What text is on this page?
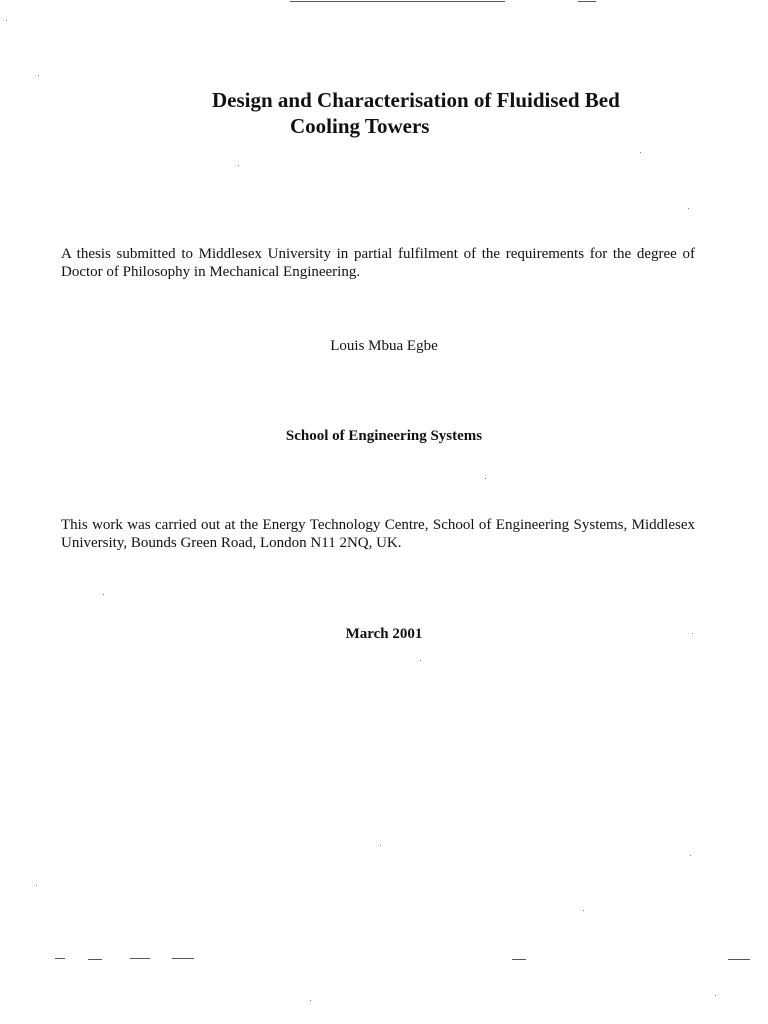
Design and Characterisation of Fluidised Bed
Cooling Towers

A thesis submitted to Middlesex University in partial fulfilment of the requirements for the degree of Doctor of Philosophy in Mechanical Engineering.

Louis Mbua Egbe

School of Engineering Systems

This work was carried out at the Energy Technology Centre, School of Engineering Systems, Middlesex University, Bounds Green Road, London N11 2NQ, UK.

March 2001
